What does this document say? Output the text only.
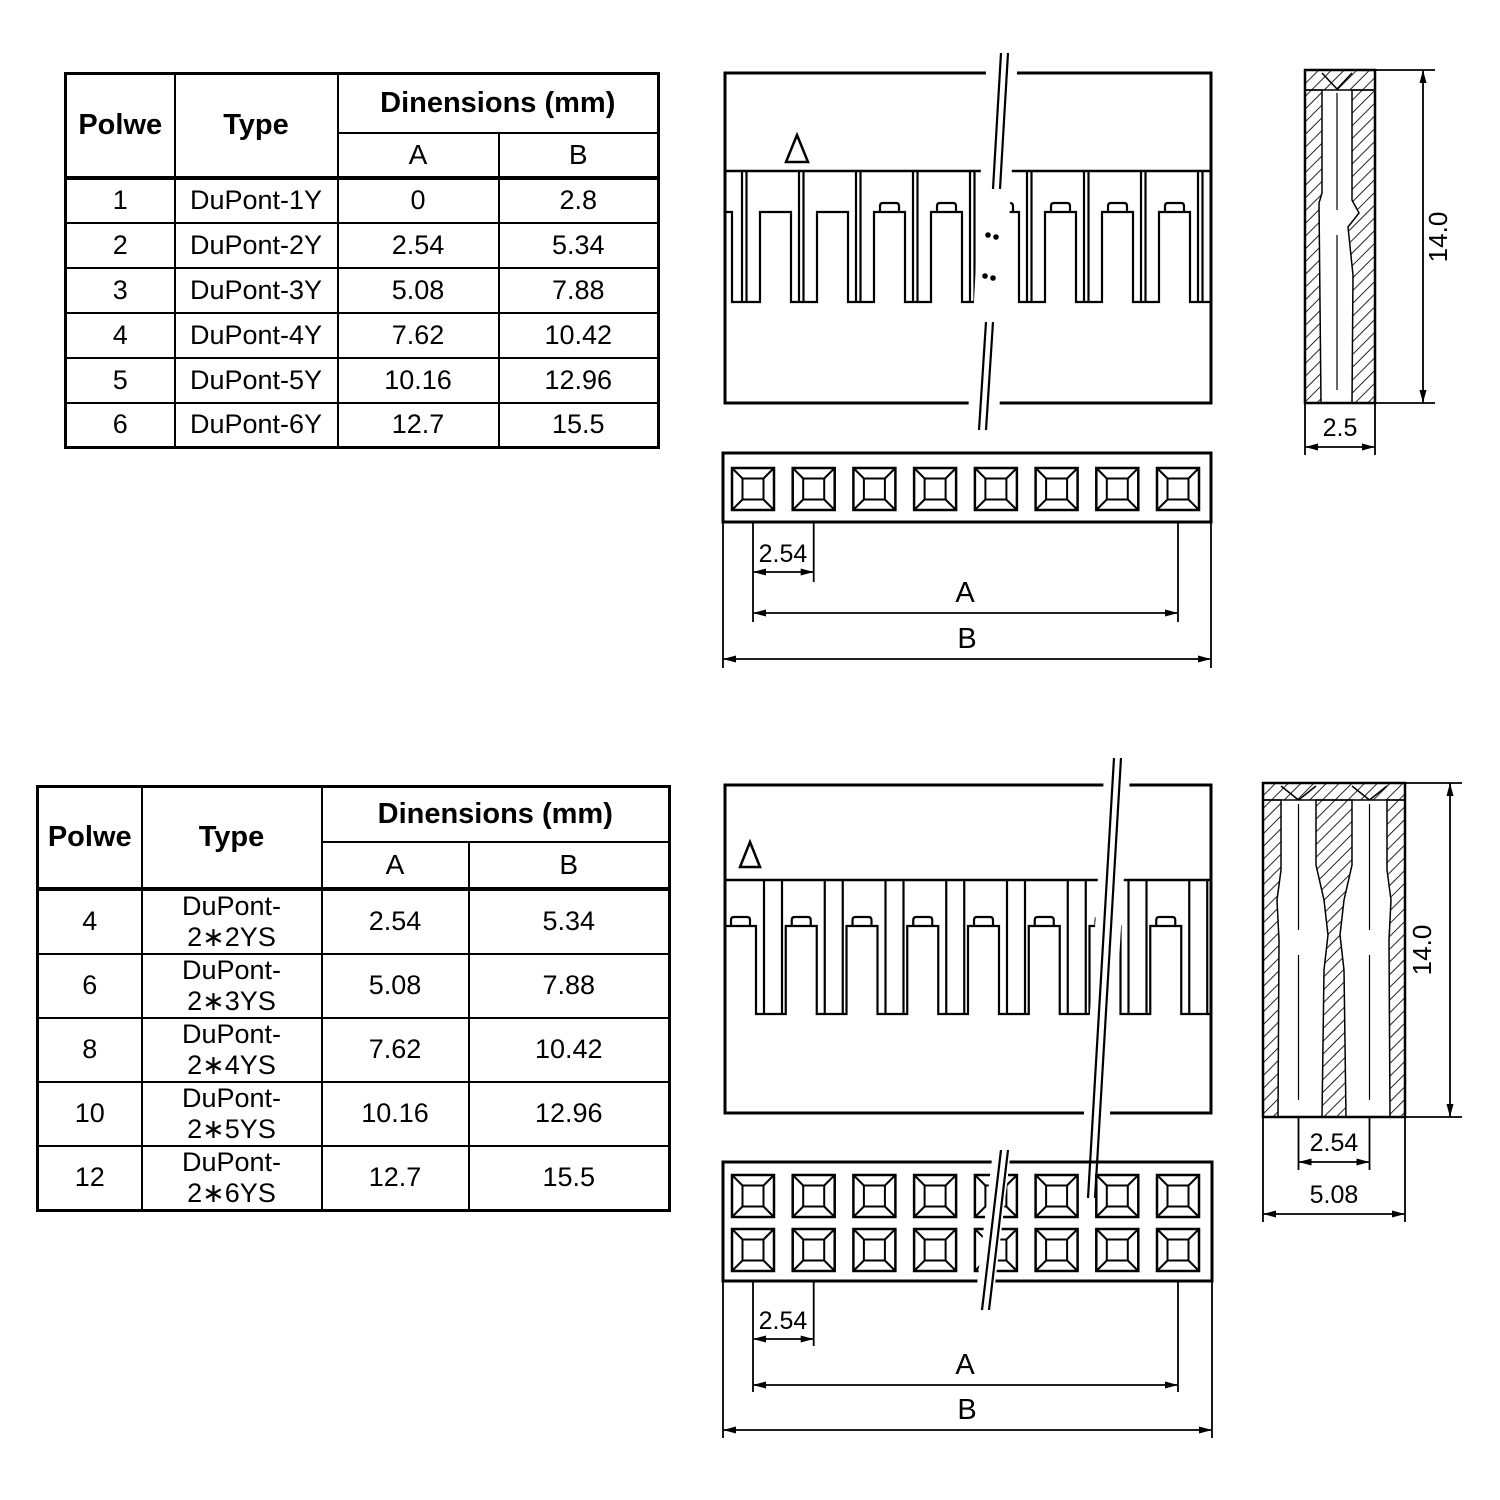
Polwe	Type	Dinensions (mm)	
		A	B
1	DuPont-1Y	0	2.8
2	DuPont-2Y	2.54	5.34
3	DuPont-3Y	5.08	7.88
4	DuPont-4Y	7.62	10.42
5	DuPont-5Y	10.16	12.96
6	DuPont-6Y	12.7	15.5
Polwe	Type	Dinensions (mm)	
		A	B
4	DuPont-2∗2YS	2.54	5.34
6	DuPont-2∗3YS	5.08	7.88
8	DuPont-2∗4YS	7.62	10.42
10	DuPont-2∗5YS	10.16	12.96
12	DuPont-2∗6YS	12.7	15.5
2.54
A
B
14.0
2.5
2.54
A
B
14.0
2.54
5.08
